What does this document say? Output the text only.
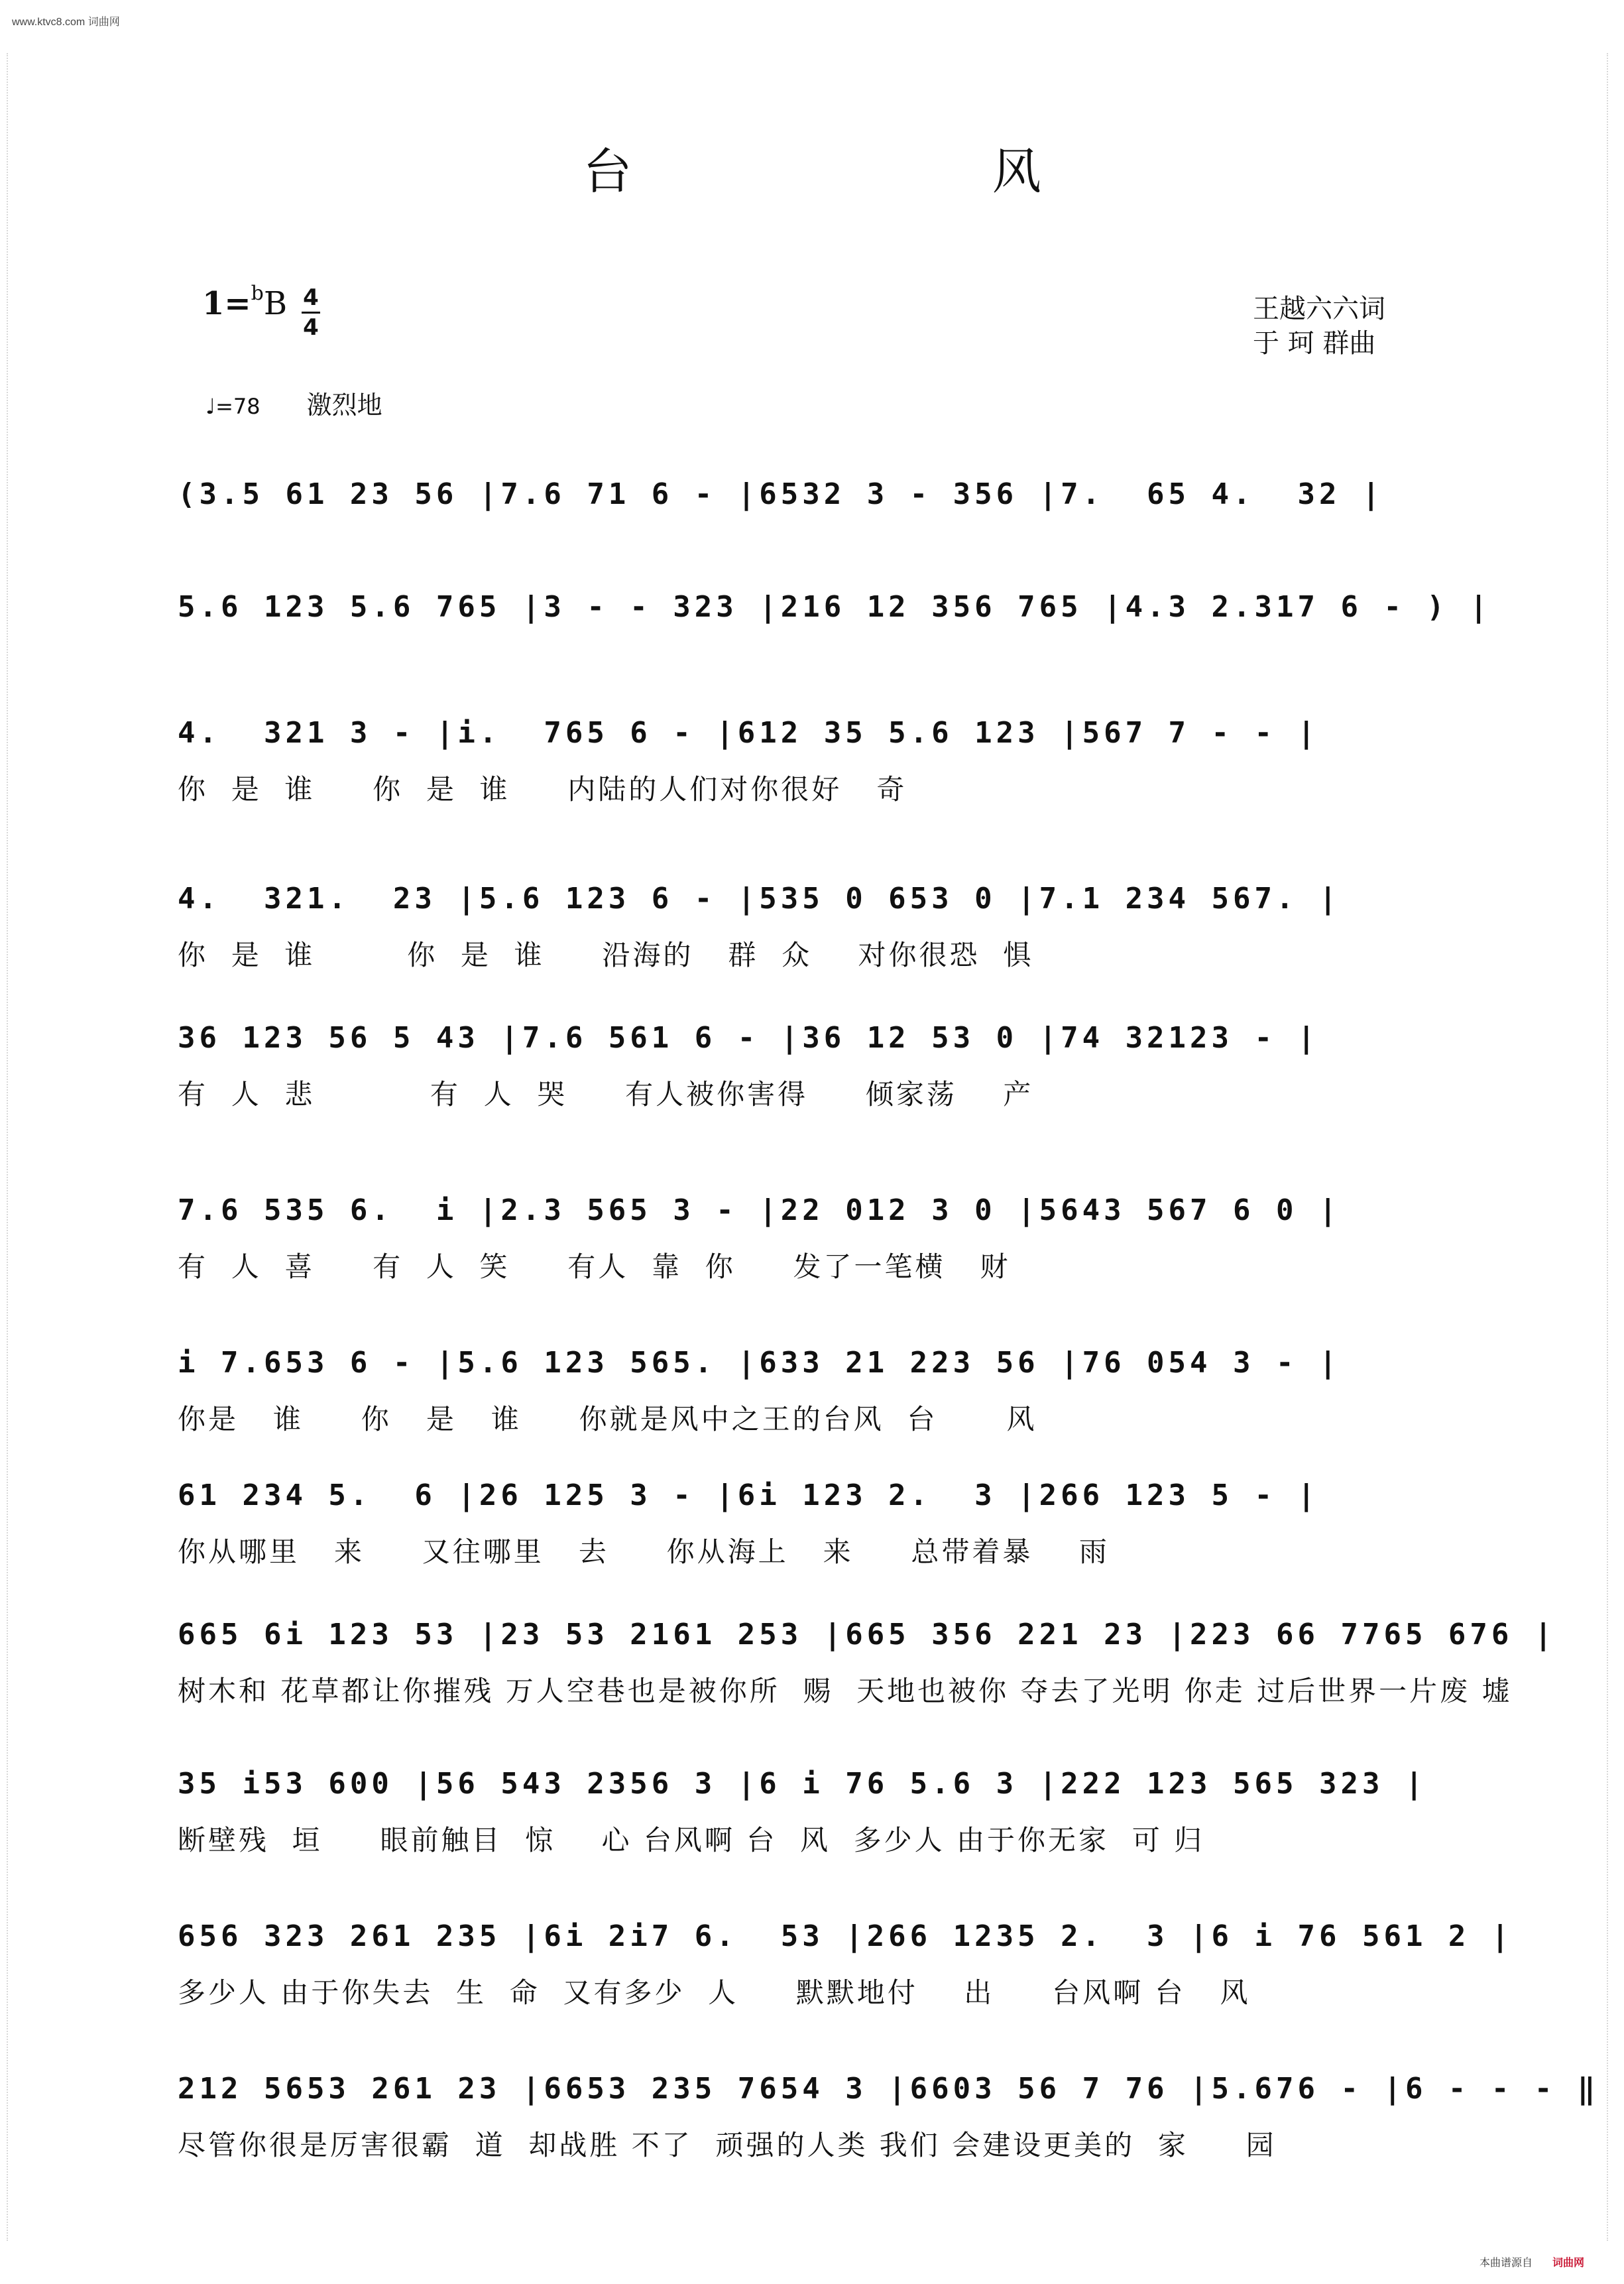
www.ktvc8.com 词曲网
台 风
1=$^b$B 4
4
王越六六词
于 珂 群曲
♩=78 激烈地
(3.5 61 23 56 |7.6 71 6 - |6532 3 - 356 |7.  65 4.  32 |
5.6 123 5.6 765 |3 - - 323 |216 12 356 765 |4.3 2.317 6 - ) |
4.  321 3 - |i.  765 6 - |612 35 5.6 123 |567 7 - - |
你  是  谁     你  是  谁     内陆的人们对你很好   奇
4.  321.  23 |5.6 123 6 - |535 0 653 0 |7.1 234 567. |
你  是  谁        你  是  谁     沿海的   群  众    对你很恐  惧
36 123 56 5 43 |7.6 561 6 - |36 12 53 0 |74 32123 - |
有  人  悲          有  人  哭     有人被你害得     倾家荡    产
7.6 535 6.  i |2.3 565 3 - |22 012 3 0 |5643 567 6 0 |
有  人  喜     有  人  笑     有人  靠  你     发了一笔横   财
i 7.653 6 - |5.6 123 565. |633 21 223 56 |76 054 3 - |
你是   谁     你   是   谁     你就是风中之王的台风  台      风
61 234 5.  6 |26 125 3 - |6i 123 2.  3 |266 123 5 - |
你从哪里   来     又往哪里   去     你从海上   来     总带着暴    雨
665 6i 123 53 |23 53 2161 253 |665 356 221 23 |223 66 7765 676 |
树木和 花草都让你摧残 万人空巷也是被你所  赐  天地也被你 夺去了光明 你走 过后世界一片废 墟
35 i53 600 |56 543 2356 3 |6 i 76 5.6 3 |222 123 565 323 |
断壁残  垣     眼前触目  惊    心 台风啊 台  风  多少人 由于你无家  可 归
656 323 261 235 |6i 2i7 6.  53 |266 1235 2.  3 |6 i 76 561 2 |
多少人 由于你失去  生  命  又有多少  人     默默地付    出     台风啊 台   风
212 5653 261 23 |6653 235 7654 3 |6603 56 7 76 |5.676 - |6 - - - ‖
尽管你很是厉害很霸  道  却战胜 不了  顽强的人类 我们 会建设更美的  家     园
本曲谱源自 词曲网
